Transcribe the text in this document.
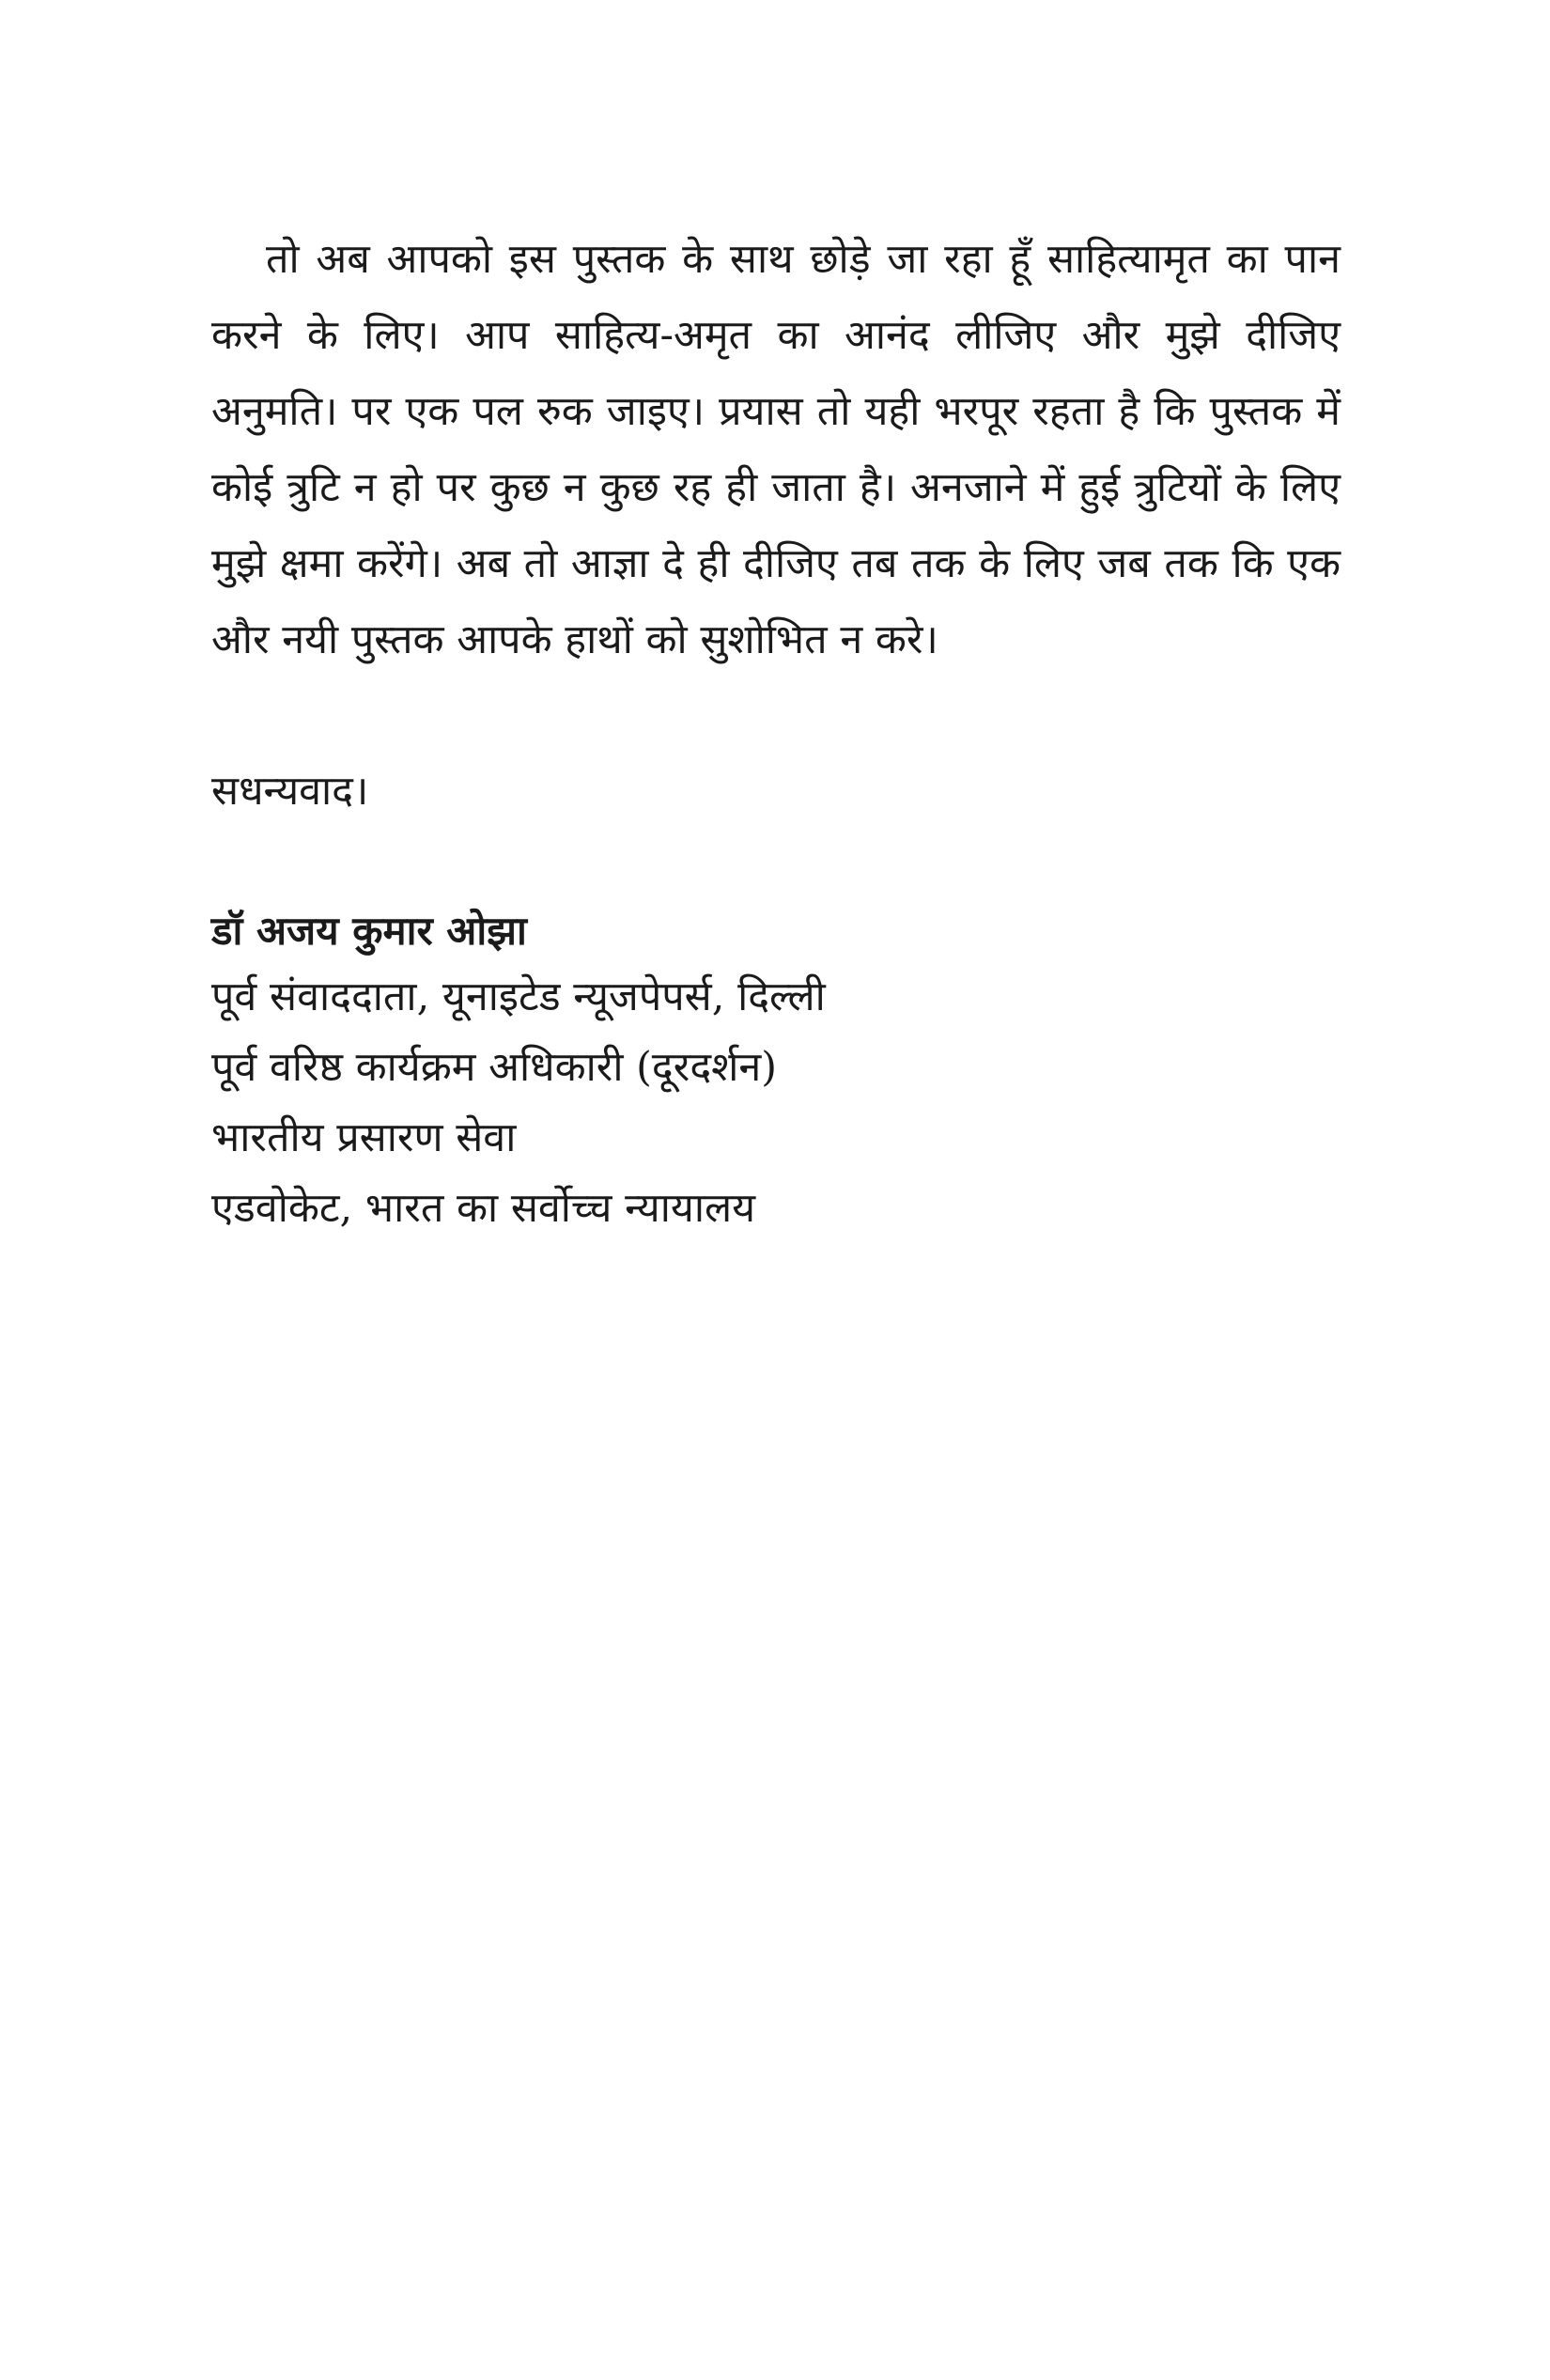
तो अब आपको इस पुस्तक के साथ छोड़े जा रहा हूँ साहित्यामृत का पान करने के लिए। आप साहित्य-अमृत का आनंद लीजिए और मुझे दीजिए अनुमति। पर एक पल रुक जाइए। प्रयास तो यही भरपूर रहता है कि पुस्तक में कोई त्रुटि न हो पर कुछ न कुछ रह ही जाता है। अनजाने में हुई त्रुटियों के लिए मुझे क्षमा करेंगे। अब तो आज्ञा दे ही दीजिए तब तक के लिए जब तक कि एक और नयी पुस्तक आपके हाथों को सुशोभित न करे।

सधन्यवाद।

डॉ अजय कुमार ओझा

पूर्व संवाददाता, यूनाइटेड न्यूजपेपर्स, दिल्ली

पूर्व वरिष्ठ कार्यक्रम अधिकारी (दूरदर्शन)

भारतीय प्रसारण सेवा

एडवोकेट, भारत का सर्वोच्च न्यायालय
